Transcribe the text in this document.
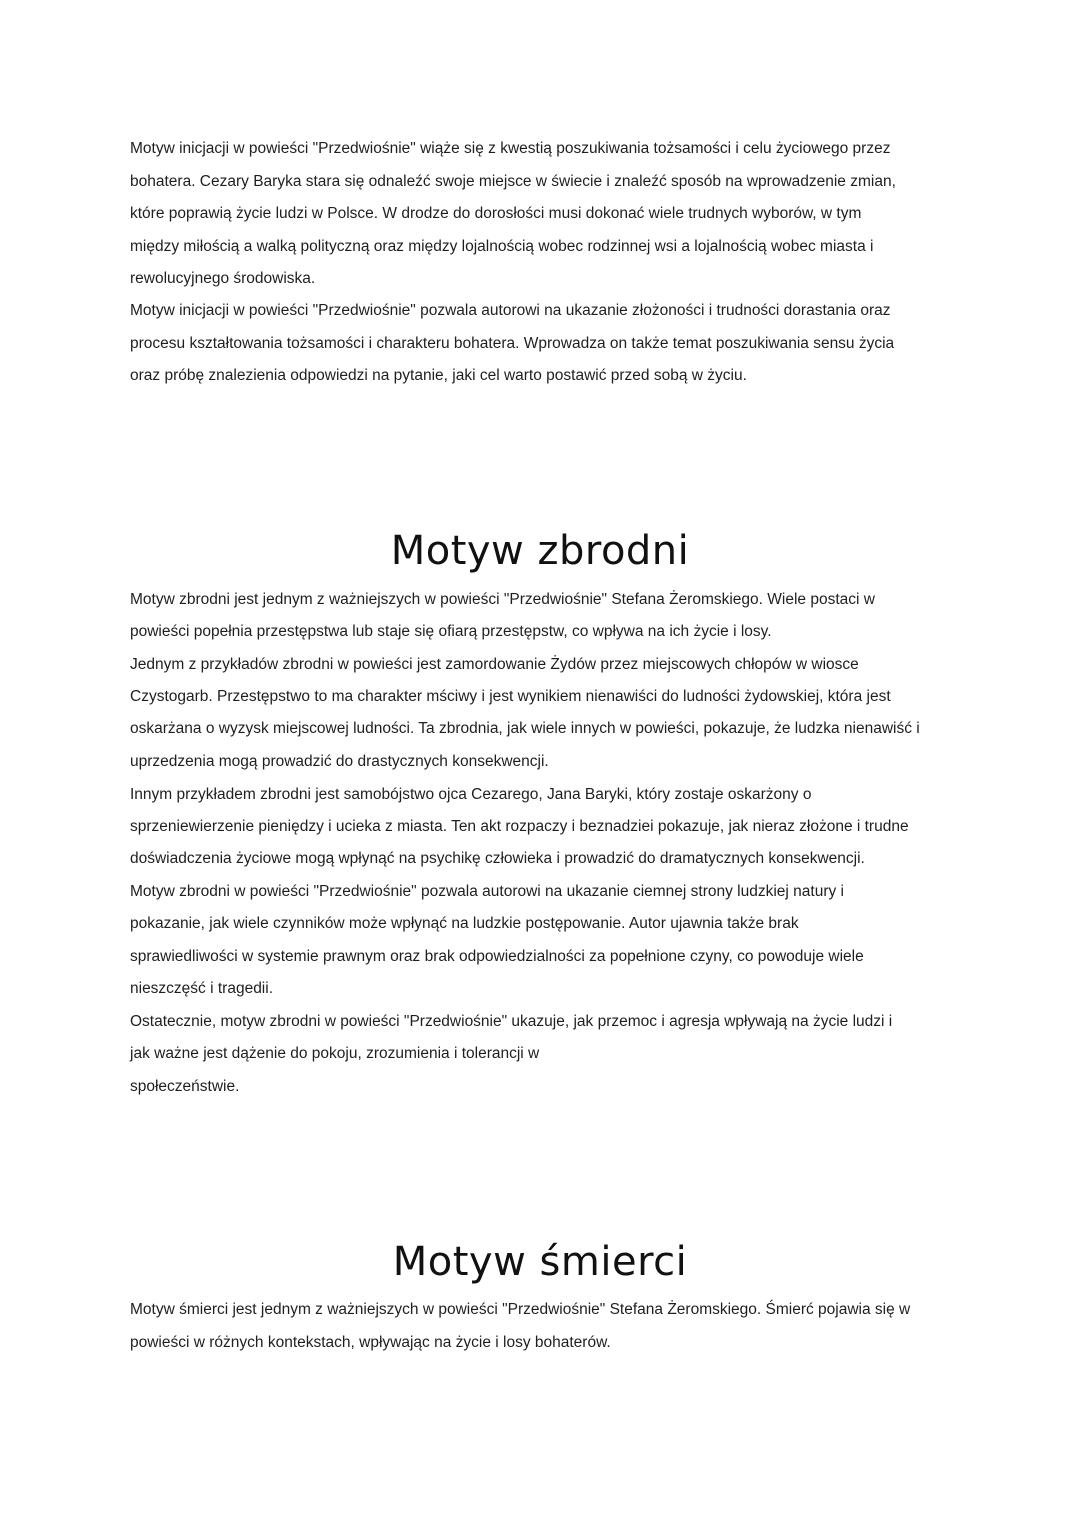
Motyw inicjacji w powieści "Przedwiośnie" wiąże się z kwestią poszukiwania tożsamości i celu życiowego przez
bohatera. Cezary Baryka stara się odnaleźć swoje miejsce w świecie i znaleźć sposób na wprowadzenie zmian,
które poprawią życie ludzi w Polsce. W drodze do dorosłości musi dokonać wiele trudnych wyborów, w tym
między miłością a walką polityczną oraz między lojalnością wobec rodzinnej wsi a lojalnością wobec miasta i
rewolucyjnego środowiska.
Motyw inicjacji w powieści "Przedwiośnie" pozwala autorowi na ukazanie złożoności i trudności dorastania oraz
procesu kształtowania tożsamości i charakteru bohatera. Wprowadza on także temat poszukiwania sensu życia
oraz próbę znalezienia odpowiedzi na pytanie, jaki cel warto postawić przed sobą w życiu.
Motyw zbrodni
Motyw zbrodni jest jednym z ważniejszych w powieści "Przedwiośnie" Stefana Żeromskiego. Wiele postaci w
powieści popełnia przestępstwa lub staje się ofiarą przestępstw, co wpływa na ich życie i losy.
Jednym z przykładów zbrodni w powieści jest zamordowanie Żydów przez miejscowych chłopów w wiosce
Czystogarb. Przestępstwo to ma charakter mściwy i jest wynikiem nienawiści do ludności żydowskiej, która jest
oskarżana o wyzysk miejscowej ludności. Ta zbrodnia, jak wiele innych w powieści, pokazuje, że ludzka nienawiść i
uprzedzenia mogą prowadzić do drastycznych konsekwencji.
Innym przykładem zbrodni jest samobójstwo ojca Cezarego, Jana Baryki, który zostaje oskarżony o
sprzeniewierzenie pieniędzy i ucieka z miasta. Ten akt rozpaczy i beznadziei pokazuje, jak nieraz złożone i trudne
doświadczenia życiowe mogą wpłynąć na psychikę człowieka i prowadzić do dramatycznych konsekwencji.
Motyw zbrodni w powieści "Przedwiośnie" pozwala autorowi na ukazanie ciemnej strony ludzkiej natury i
pokazanie, jak wiele czynników może wpłynąć na ludzkie postępowanie. Autor ujawnia także brak
sprawiedliwości w systemie prawnym oraz brak odpowiedzialności za popełnione czyny, co powoduje wiele
nieszczęść i tragedii.
Ostatecznie, motyw zbrodni w powieści "Przedwiośnie" ukazuje, jak przemoc i agresja wpływają na życie ludzi i
jak ważne jest dążenie do pokoju, zrozumienia i tolerancji w
społeczeństwie.
Motyw śmierci
Motyw śmierci jest jednym z ważniejszych w powieści "Przedwiośnie" Stefana Żeromskiego. Śmierć pojawia się w
powieści w różnych kontekstach, wpływając na życie i losy bohaterów.
